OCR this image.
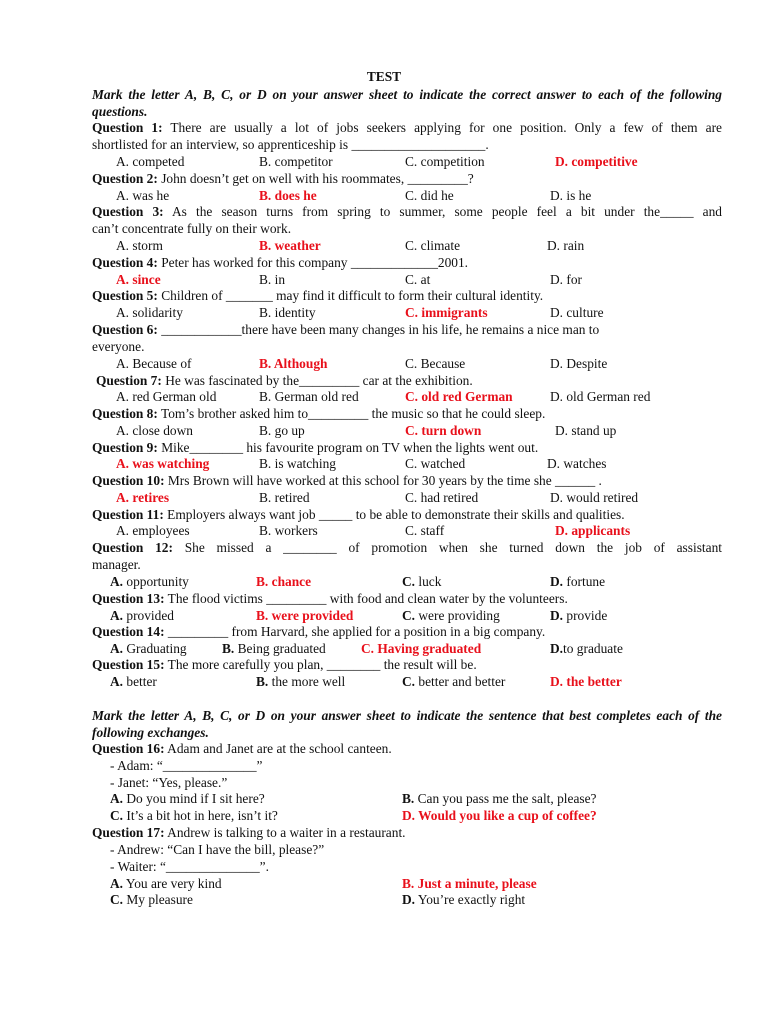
TEST
Mark the letter A, B, C, or D on your answer sheet to indicate the correct answer to each of the following questions.
Question 1: There are usually a lot of jobs seekers applying for one position. Only a few of them are
shortlisted for an interview, so apprenticeship is ____________________.
A. competed	B. competitor	C. competition	D. competitive
Question 2: John doesn’t get on well with his roommates, _________?
A. was he	B. does he	C. did he	D. is he
Question 3: As the season turns from spring to summer, some people feel a bit under the_____ and
can’t concentrate fully on their work.
A. storm	B. weather	C. climate	D. rain
Question 4: Peter has worked for this company _____________2001.
A. since	B. in	C. at	D. for
Question 5: Children of _______ may find it difficult to form their cultural identity.
A. solidarity	B. identity	C. immigrants	D. culture
Question 6: ____________there have been many changes in his life, he remains a nice man to
everyone.
A. Because of	B. Although	C. Because	D. Despite
Question 7: He was fascinated by the_________ car at the exhibition.
A. red German old	B. German old red	C. old red German	D. old German red
Question 8: Tom’s brother asked him to_________ the music so that he could sleep.
A. close down	B. go up	C. turn down	D. stand up
Question 9: Mike________ his favourite program on TV when the lights went out.
A. was watching	B. is watching	C. watched	D. watches
Question 10: Mrs Brown will have worked at this school for 30 years by the time she ______ .
A. retires	B. retired	C. had retired	D. would retired
Question 11: Employers always want job _____ to be able to demonstrate their skills and qualities.
A. employees	B. workers	C. staff	D. applicants
Question 12: She missed a ________ of promotion when she turned down the job of assistant
manager.
A. opportunity	B. chance	C. luck	D. fortune
Question 13: The flood victims _________ with food and clean water by the volunteers.
A. provided	B. were provided	C. were providing	D. provide
Question 14: _________ from Harvard, she applied for a position in a big company.
A. Graduating	B. Being graduated	C. Having graduated	D.to graduate
Question 15: The more carefully you plan, ________ the result will be.
A. better	B. the more well	C. better and better	D. the better
Mark the letter A, B, C, or D on your answer sheet to indicate the sentence that best completes each of the following exchanges.
Question 16: Adam and Janet are at the school canteen.
- Adam: “______________”
- Janet: “Yes, please.”
A. Do you mind if I sit here?	B. Can you pass me the salt, please?
C. It’s a bit hot in here, isn’t it?	D. Would you like a cup of coffee?
Question 17: Andrew is talking to a waiter in a restaurant.
- Andrew: “Can I have the bill, please?”
- Waiter: “______________”.
A. You are very kind	B. Just a minute, please
C. My pleasure	D. You’re exactly right
